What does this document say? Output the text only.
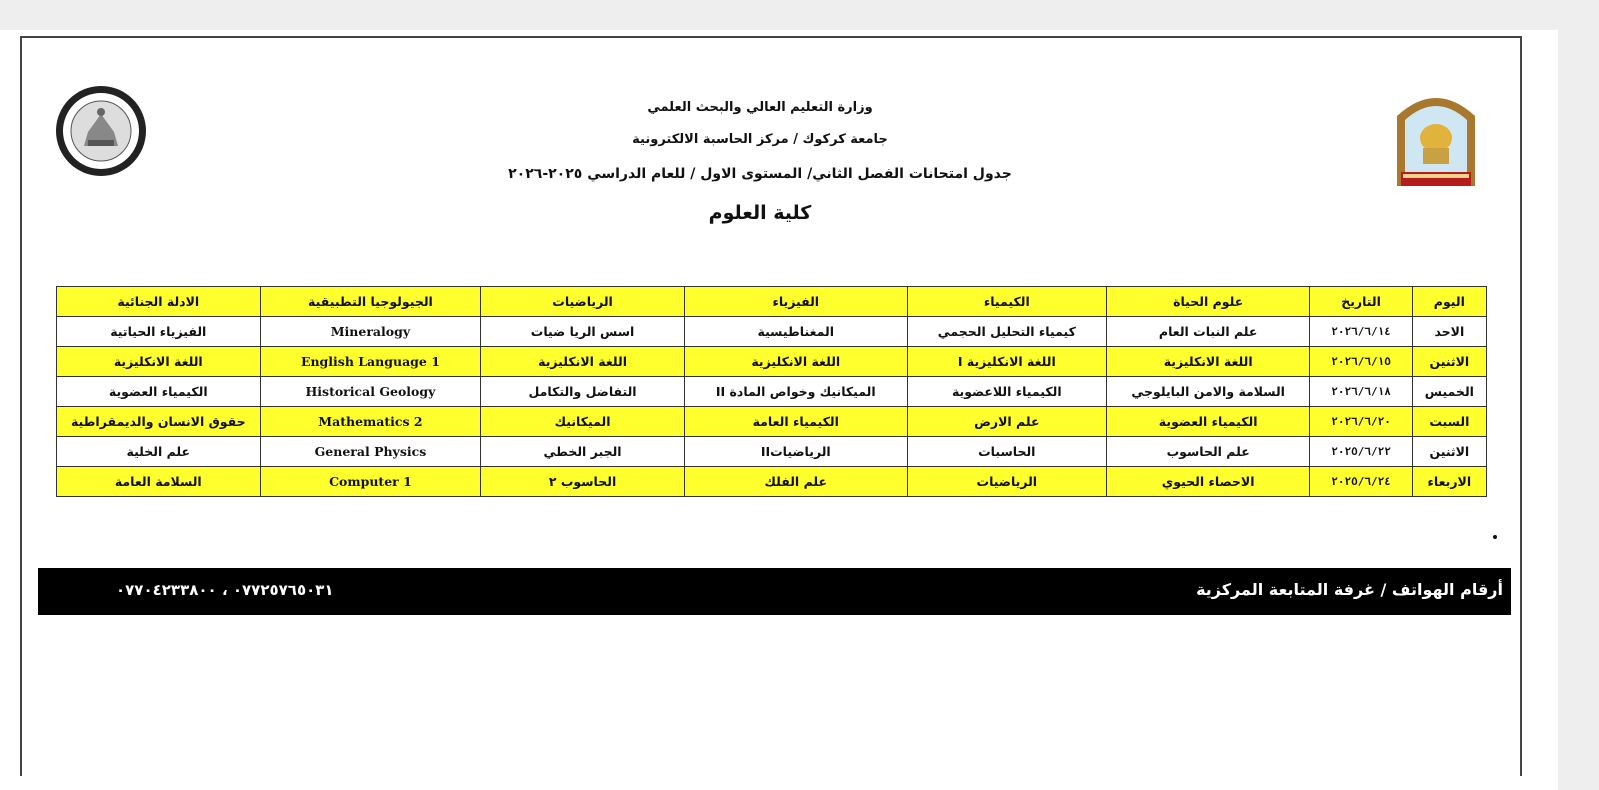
وزارة التعليم العالي والبحث العلمي
جامعة كركوك / مركز الحاسبة الالكترونية
جدول امتحانات الفصل الثاني/ المستوى الاول / للعام الدراسي ٢٠٢٥-٢٠٢٦
كلية العلوم
اليوم	التاريخ	علوم الحياة	الكيمياء	الفيزياء	الرياضيات	الجيولوجيا التطبيقية	الادلة الجنائية
الاحد	٢٠٢٦/٦/١٤	علم النبات العام	كيمياء التحليل الحجمي	المغناطيسية	اسس الريا ضيات	Mineralogy	الفيزياء الحياتية
الاثنين	٢٠٢٦/٦/١٥	اللغة الانكليزية	اللغة الانكليزية I	اللغة الانكليزية	اللغة الانكليزية	English Language 1	اللغة الانكليزية
الخميس	٢٠٢٦/٦/١٨	السلامة والامن البايلوجي	الكيمياء اللاعضوية	الميكانيك وخواص المادة II	التفاضل والتكامل	Historical Geology	الكيمياء العضوية
السبت	٢٠٢٦/٦/٢٠	الكيمياء العضوية	علم الارض	الكيمياء العامة	الميكانيك	Mathematics 2	حقوق الانسان والديمقراطية
الاثنين	٢٠٢٥/٦/٢٢	علم الحاسوب	الحاسبات	الرياضياتII	الجبر الخطي	General Physics	علم الخلية
الاربعاء	٢٠٢٥/٦/٢٤	الاحصاء الحيوي	الرياضيات	علم الفلك	الحاسوب ٢	Computer 1	السلامة العامة
أرقام الهواتف / غرفة المتابعة المركزية
٠٧٧٢٥٧٦٥٠٣١ ، ٠٧٧٠٤٢٣٣٨٠٠
